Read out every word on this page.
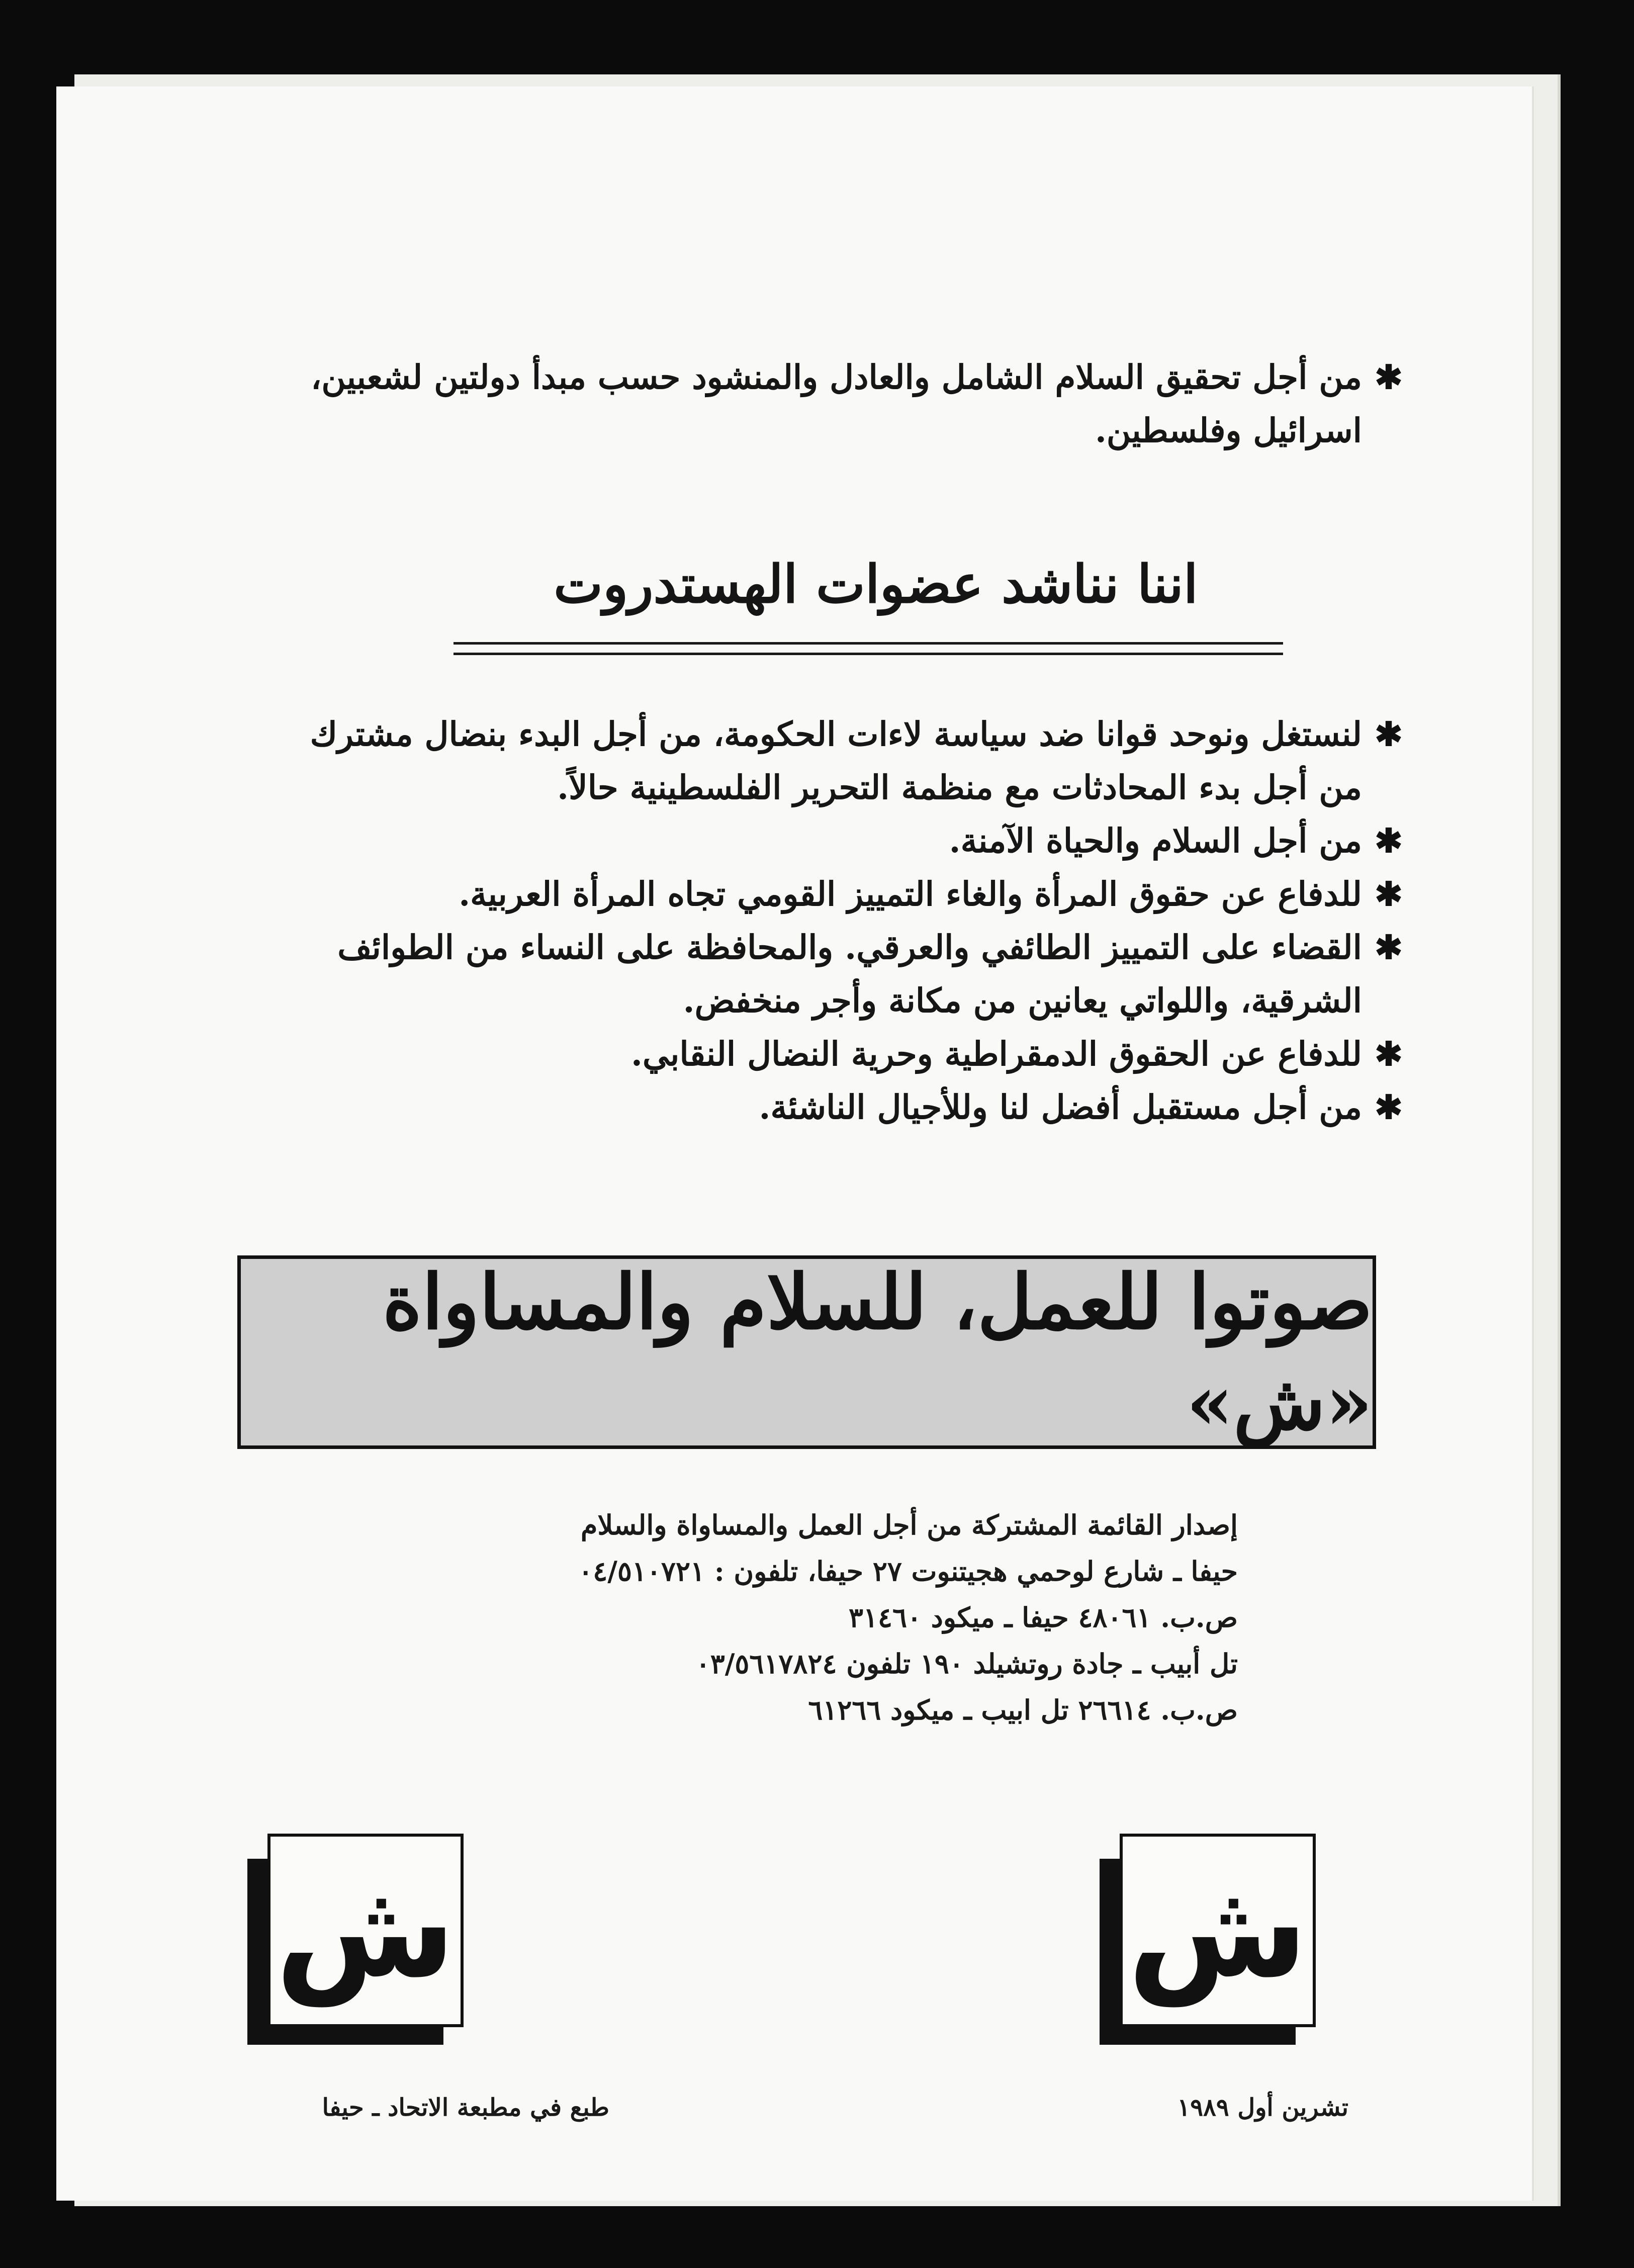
✱
من أجل تحقيق السلام الشامل والعادل والمنشود حسب مبدأ دولتين لشعبين، اسرائيل وفلسطين.
اننا نناشد عضوات الهستدروت
✱
لنستغل ونوحد قوانا ضد سياسة لاءات الحكومة، من أجل البدء بنضال مشترك من أجل بدء المحادثات مع منظمة التحرير الفلسطينية حالاً.
✱
من أجل السلام والحياة الآمنة.
✱
للدفاع عن حقوق المرأة والغاء التمييز القومي تجاه المرأة العربية.
✱
القضاء على التمييز الطائفي والعرقي. والمحافظة على النساء من الطوائف الشرقية، واللواتي يعانين من مكانة وأجر منخفض.
✱
للدفاع عن الحقوق الدمقراطية وحرية النضال النقابي.
✱
من أجل مستقبل أفضل لنا وللأجيال الناشئة.
صوتوا للعمل، للسلام والمساواة «ش»
إصدار القائمة المشتركة من أجل العمل والمساواة والسلام
حيفا ـ شارع لوحمي هجيتنوت ٢٧ حيفا، تلفون : ٠٤/٥١٠٧٢١
ص.ب. ٤٨٠٦١ حيفا ـ ميكود ٣١٤٦٠
تل أبيب ـ جادة روتشيلد ١٩٠ تلفون ٠٣/٥٦١٧٨٢٤
ص.ب. ٢٦٦١٤ تل ابيب ـ ميكود ٦١٢٦٦
ش
ش
تشرين أول ١٩٨٩
طبع في مطبعة الاتحاد ـ حيفا
